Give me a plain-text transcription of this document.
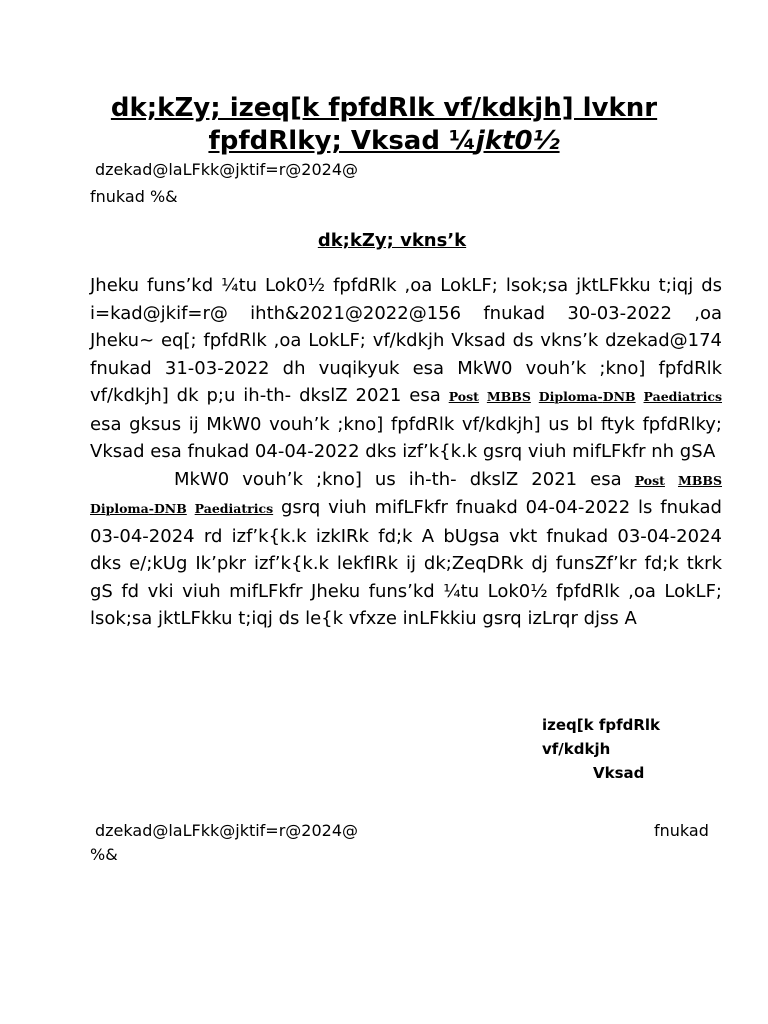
dk;kZy; izeq[k fpfdRlk vf/kdkjh] lvknr
fpfdRlky; Vksad ¼jkt0½
dzekad@laLFkk@jktif=r@2024@
fnukad %&
dk;kZy; vkns’k

Jheku funs’kd ¼tu Lok0½ fpfdRlk ,oa LokLF; lsok;sa jktLFkku t;iqj ds i=kad@jkif=r@ ihth&2021@2022@156 fnukad 30-03-2022 ,oa Jheku~ eq[; fpfdRlk ,oa LokLF; vf/kdkjh Vksad ds vkns’k dzekad@174 fnukad 31-03-2022 dh vuqikyuk esa MkW0 vouh’k ;kno] fpfdRlk vf/kdkjh] dk p;u ih-th- dkslZ 2021 esa Post MBBS Diploma-DNB Paediatrics esa gksus ij MkW0 vouh’k ;kno] fpfdRlk vf/kdkjh] us bl ftyk fpfdRlky; Vksad esa fnukad 04-04-2022 dks izf’k{k.k gsrq viuh mifLFkfr nh gSA

MkW0 vouh’k ;kno] us ih-th- dkslZ 2021 esa Post MBBS Diploma-DNB Paediatrics gsrq viuh mifLFkfr fnuakd 04-04-2022 ls fnukad 03-04-2024 rd izf’k{k.k izkIRk fd;k A bUgsa vkt fnukad 03-04-2024 dks e/;kUg Ik’pkr izf’k{k.k lekfIRk ij dk;ZeqDRk dj funsZf’kr fd;k tkrk gS fd vki viuh mifLFkfr Jheku funs’kd ¼tu Lok0½ fpfdRlk ,oa LokLF; lsok;sa jktLFkku t;iqj ds le{k vfxze inLFkkiu gsrq izLrqr djss A

izeq[k fpfdRlk
vf/kdkjh
Vksad
dzekad@laLFkk@jktif=r@2024@	fnukad
%&
